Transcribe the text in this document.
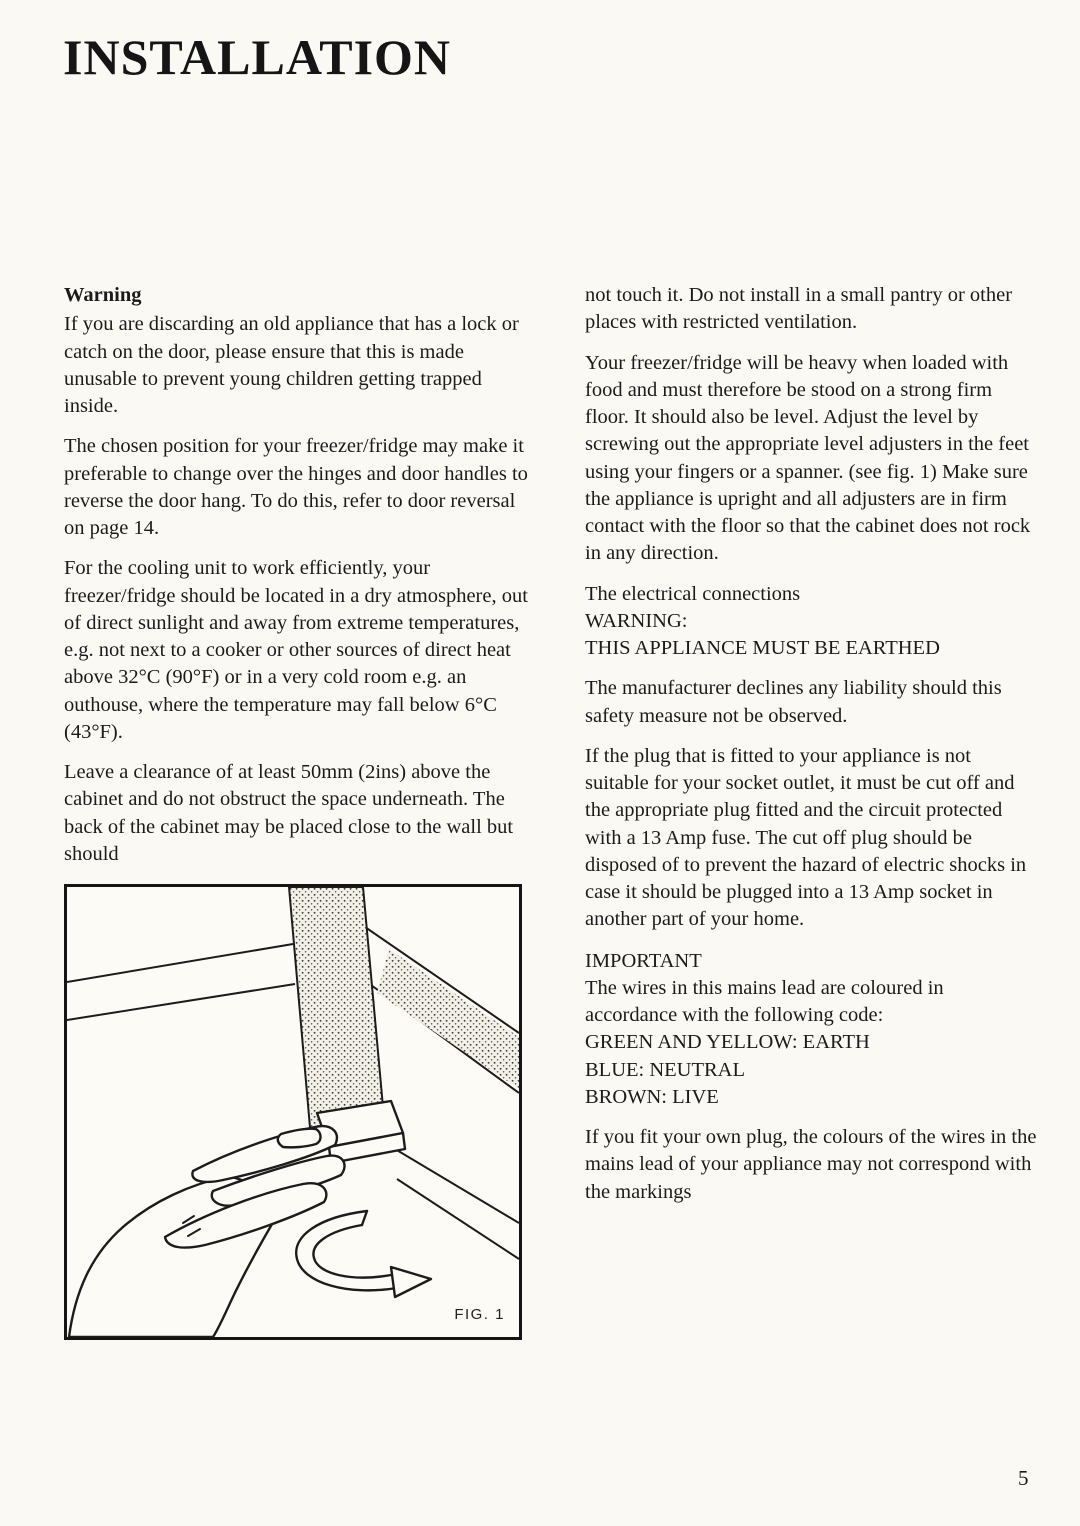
INSTALLATION

Warning

If you are discarding an old appliance that has a lock or catch on the door, please ensure that this is made unusable to prevent young children getting trapped inside.

The chosen position for your freezer/fridge may make it preferable to change over the hinges and door handles to reverse the door hang. To do this, refer to door reversal on page 14.

For the cooling unit to work efficiently, your freezer/fridge should be located in a dry atmosphere, out of direct sunlight and away from extreme temperatures, e.g. not next to a cooker or other sources of direct heat above 32°C (90°F) or in a very cold room e.g. an outhouse, where the temperature may fall below 6°C (43°F).

Leave a clearance of at least 50mm (2ins) above the cabinet and do not obstruct the space underneath. The back of the cabinet may be placed close to the wall but should

FIG. 1

not touch it. Do not install in a small pantry or other places with restricted ventilation.

Your freezer/fridge will be heavy when loaded with food and must therefore be stood on a strong firm floor. It should also be level. Adjust the level by screwing out the appropriate level adjusters in the feet using your fingers or a spanner. (see fig. 1) Make sure the appliance is upright and all adjusters are in firm contact with the floor so that the cabinet does not rock in any direction.

The electrical connections

WARNING:

THIS APPLIANCE MUST BE EARTHED

The manufacturer declines any liability should this safety measure not be observed.

If the plug that is fitted to your appliance is not suitable for your socket outlet, it must be cut off and the appropriate plug fitted and the circuit protected with a 13 Amp fuse. The cut off plug should be disposed of to prevent the hazard of electric shocks in case it should be plugged into a 13 Amp socket in another part of your home.

IMPORTANT

The wires in this mains lead are coloured in accordance with the following code:

GREEN AND YELLOW: EARTH

BLUE: NEUTRAL

BROWN: LIVE

If you fit your own plug, the colours of the wires in the mains lead of your appliance may not correspond with the markings

5
